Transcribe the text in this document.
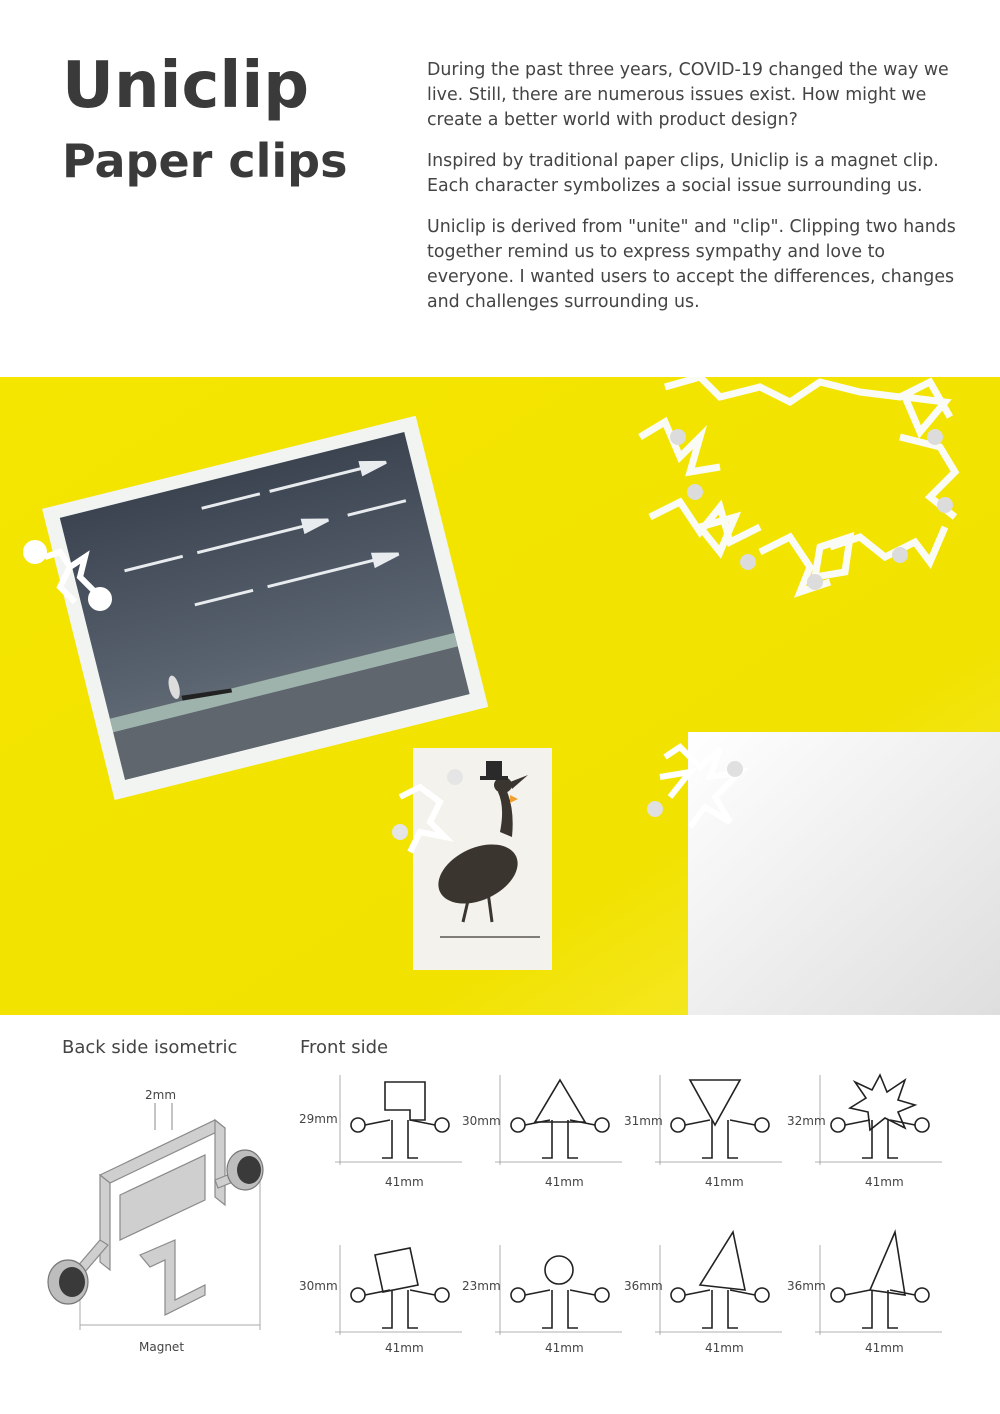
Uniclip
Paper clips

During the past three years, COVID-19 changed the way we live. Still, there are numerous issues exist. How might we create a better world with product design?

Inspired by traditional paper clips, Uniclip is a magnet clip. Each character symbolizes a social issue surrounding us.

Uniclip is derived from "unite" and "clip". Clipping two hands together remind us to express sympathy and love to everyone. I wanted users to accept the differences, changes and challenges surrounding us.

Back side isometric	Front side
2mm
Magnet
29mm	30mm	31mm	32mm
41mm	41mm	41mm	41mm
30mm	23mm	36mm	36mm
41mm	41mm	41mm	41mm
